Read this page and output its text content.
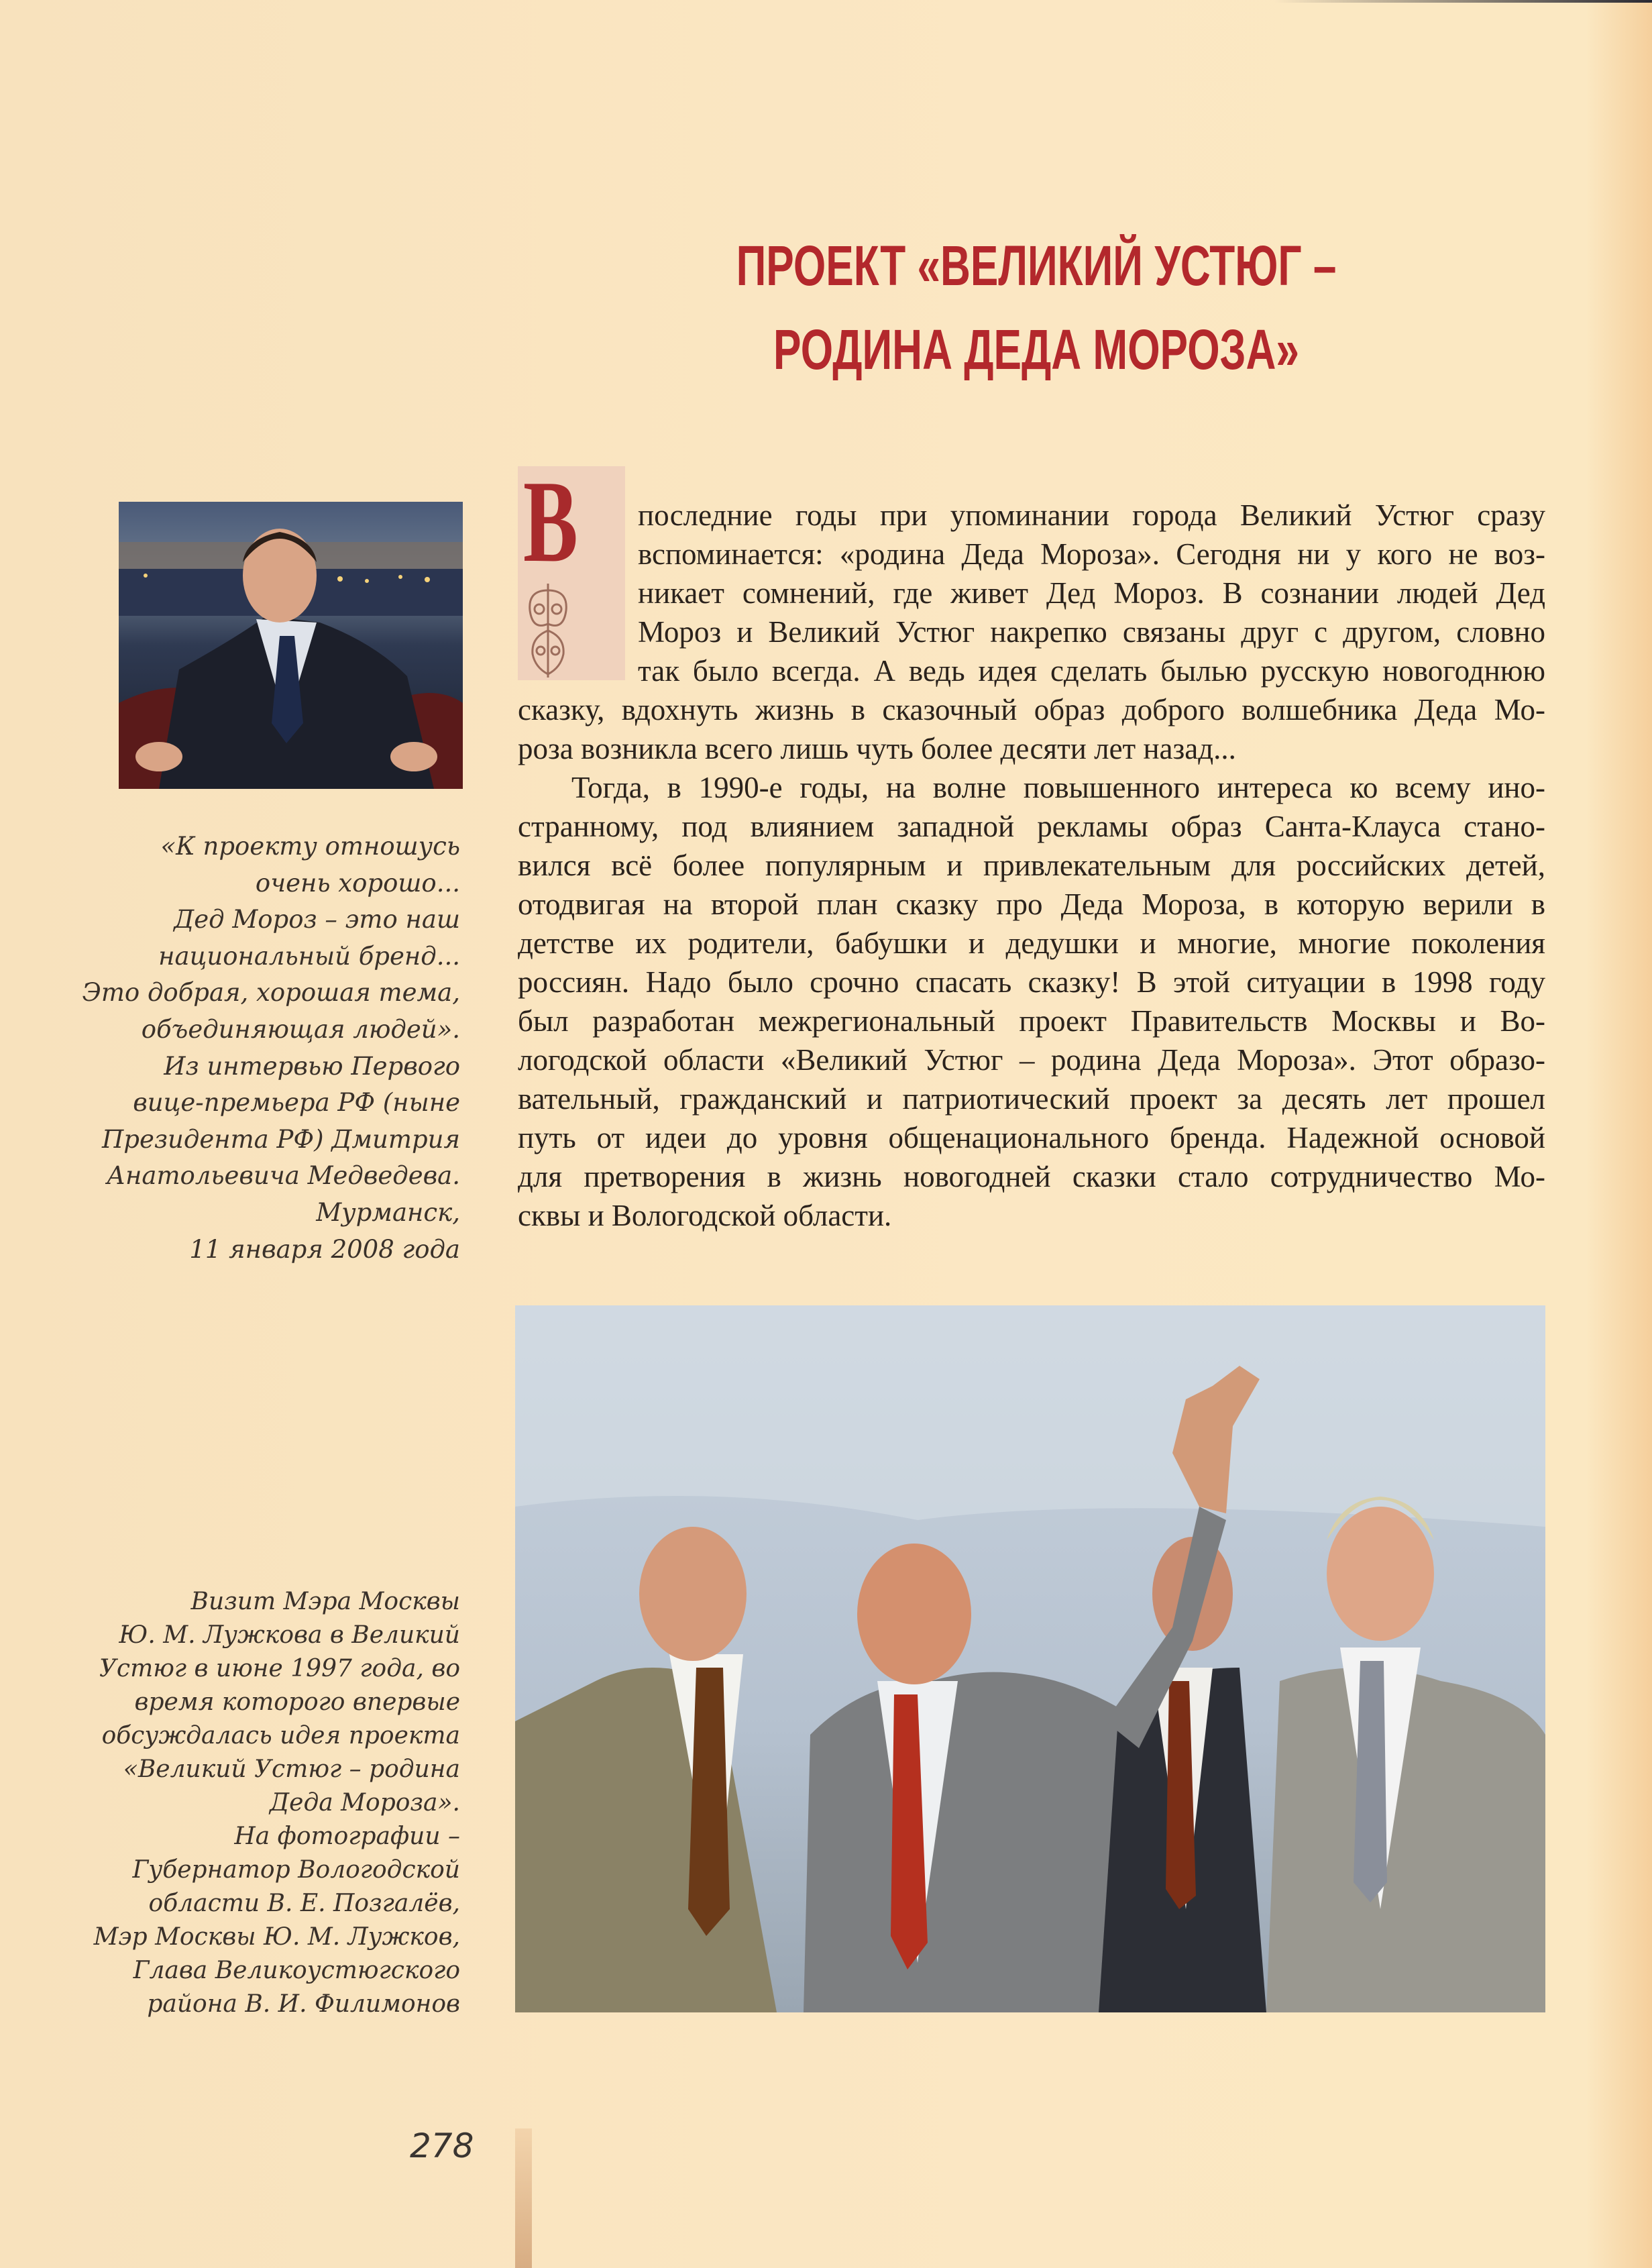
ПРОЕКТ «ВЕЛИКИЙ УСТЮГ –
РОДИНА ДЕДА МОРОЗА»
«К проекту отношусь
очень хорошо...
Дед Мороз – это наш
национальный бренд...
Это добрая, хорошая тема,
объединяющая людей».
Из интервью Первого
вице-премьера РФ (ныне
Президента РФ) Дмитрия
Анатольевича Медведева.
Мурманск,
11 января 2008 года
В последние годы при упоминании города Великий Устюг сразу
вспоминается: «родина Деда Мороза». Сегодня ни у кого не воз-
никает сомнений, где живет Дед Мороз. В сознании людей Дед
Мороз и Великий Устюг накрепко связаны друг с другом, словно
так было всегда. А ведь идея сделать былью русскую новогоднюю
сказку, вдохнуть жизнь в сказочный образ доброго волшебника Деда Мо-
роза возникла всего лишь чуть более десяти лет назад...
Тогда, в 1990-е годы, на волне повышенного интереса ко всему ино-
странному, под влиянием западной рекламы образ Санта-Клауса стано-
вился всё более популярным и привлекательным для российских детей,
отодвигая на второй план сказку про Деда Мороза, в которую верили в
детстве их родители, бабушки и дедушки и многие, многие поколения
россиян. Надо было срочно спасать сказку! В этой ситуации в 1998 году
был разработан межрегиональный проект Правительств Москвы и Во-
логодской области «Великий Устюг – родина Деда Мороза». Этот образо-
вательный, гражданский и патриотический проект за десять лет прошел
путь от идеи до уровня общенационального бренда. Надежной основой
для претворения в жизнь новогодней сказки стало сотрудничество Мо-
сквы и Вологодской области.
Визит Мэра Москвы
Ю. М. Лужкова в Великий
Устюг в июне 1997 года, во
время которого впервые
обсуждалась идея проекта
«Великий Устюг – родина
Деда Мороза».
На фотографии –
Губернатор Вологодской
области В. Е. Позгалёв,
Мэр Москвы Ю. М. Лужков,
Глава Великоустюгского
района В. И. Филимонов
278
